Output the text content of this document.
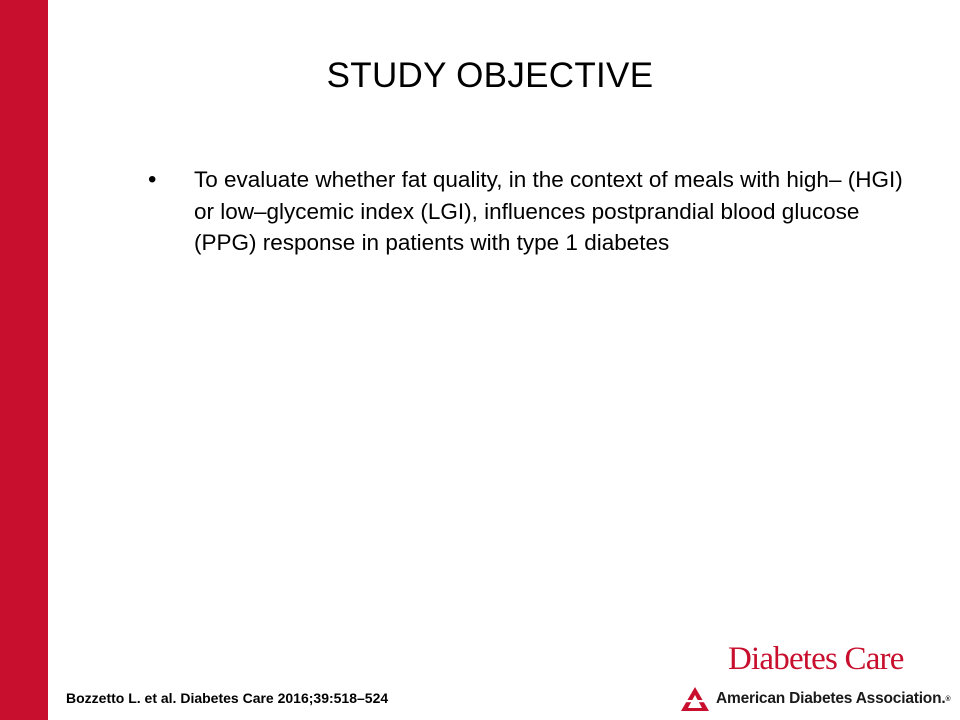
STUDY OBJECTIVE
•	To evaluate whether fat quality, in the context of meals with high– (HGI) or low–glycemic index (LGI), influences postprandial blood glucose (PPG) response in patients with type 1 diabetes
Bozzetto L. et al. Diabetes Care 2016;39:518–524
Diabetes Care
American Diabetes Association. ®
